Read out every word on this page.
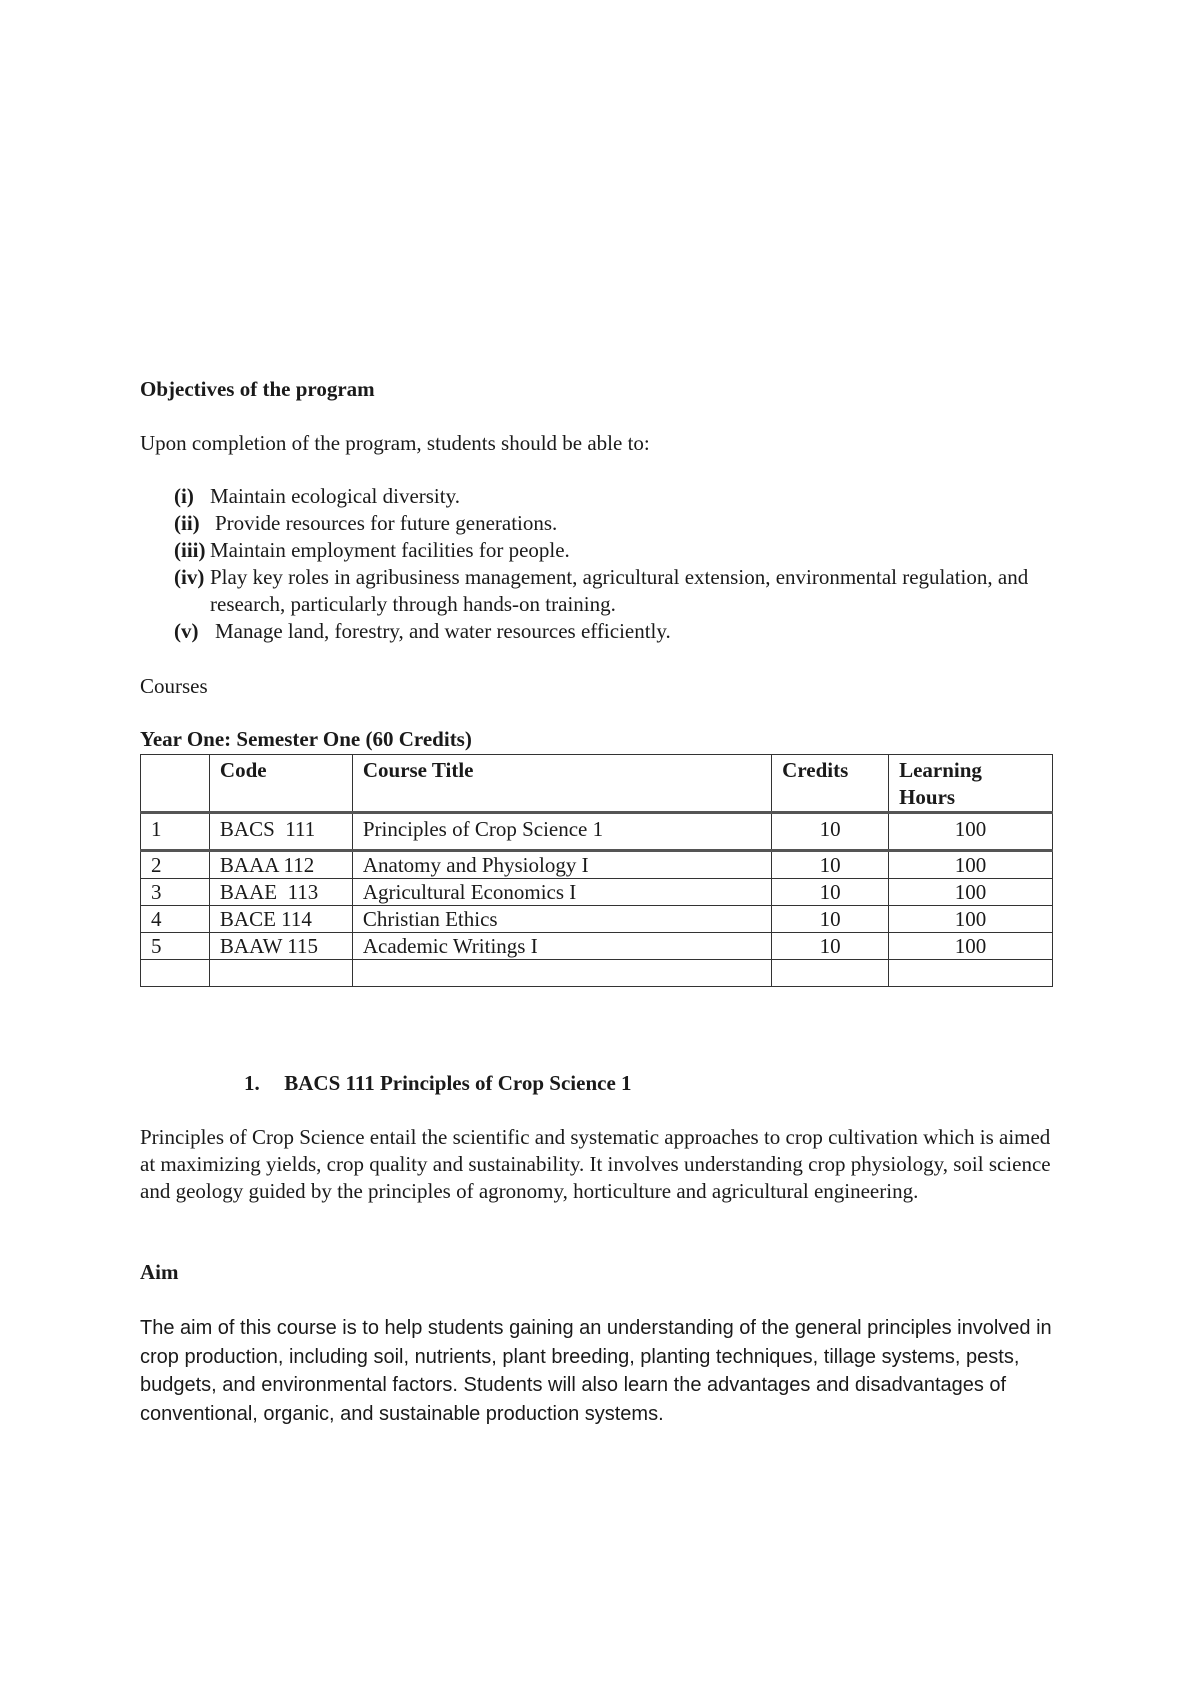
Objectives of the program
Upon completion of the program, students should be able to:
(i) Maintain ecological diversity.
(ii) Provide resources for future generations.
(iii) Maintain employment facilities for people.
(iv) Play key roles in agribusiness management, agricultural extension, environmental regulation, and research, particularly through hands-on training.
(v) Manage land, forestry, and water resources efficiently.
Courses
Year One: Semester One (60 Credits)
	Code	Course Title	Credits	Learning Hours
1	BACS  111	Principles of Crop Science 1	10	100
2	BAAA 112	Anatomy and Physiology I	10	100
3	BAAE  113	Agricultural Economics I	10	100
4	BACE 114	Christian Ethics	10	100
5	BAAW 115	Academic Writings I	10	100

1. BACS 111 Principles of Crop Science 1
Principles of Crop Science entail the scientific and systematic approaches to crop cultivation which is aimed at maximizing yields, crop quality and sustainability. It involves understanding crop physiology, soil science and geology guided by the principles of agronomy, horticulture and agricultural engineering.
Aim
The aim of this course is to help students gaining an understanding of the general principles involved in crop production, including soil, nutrients, plant breeding, planting techniques, tillage systems, pests, budgets, and environmental factors. Students will also learn the advantages and disadvantages of conventional, organic, and sustainable production systems.
